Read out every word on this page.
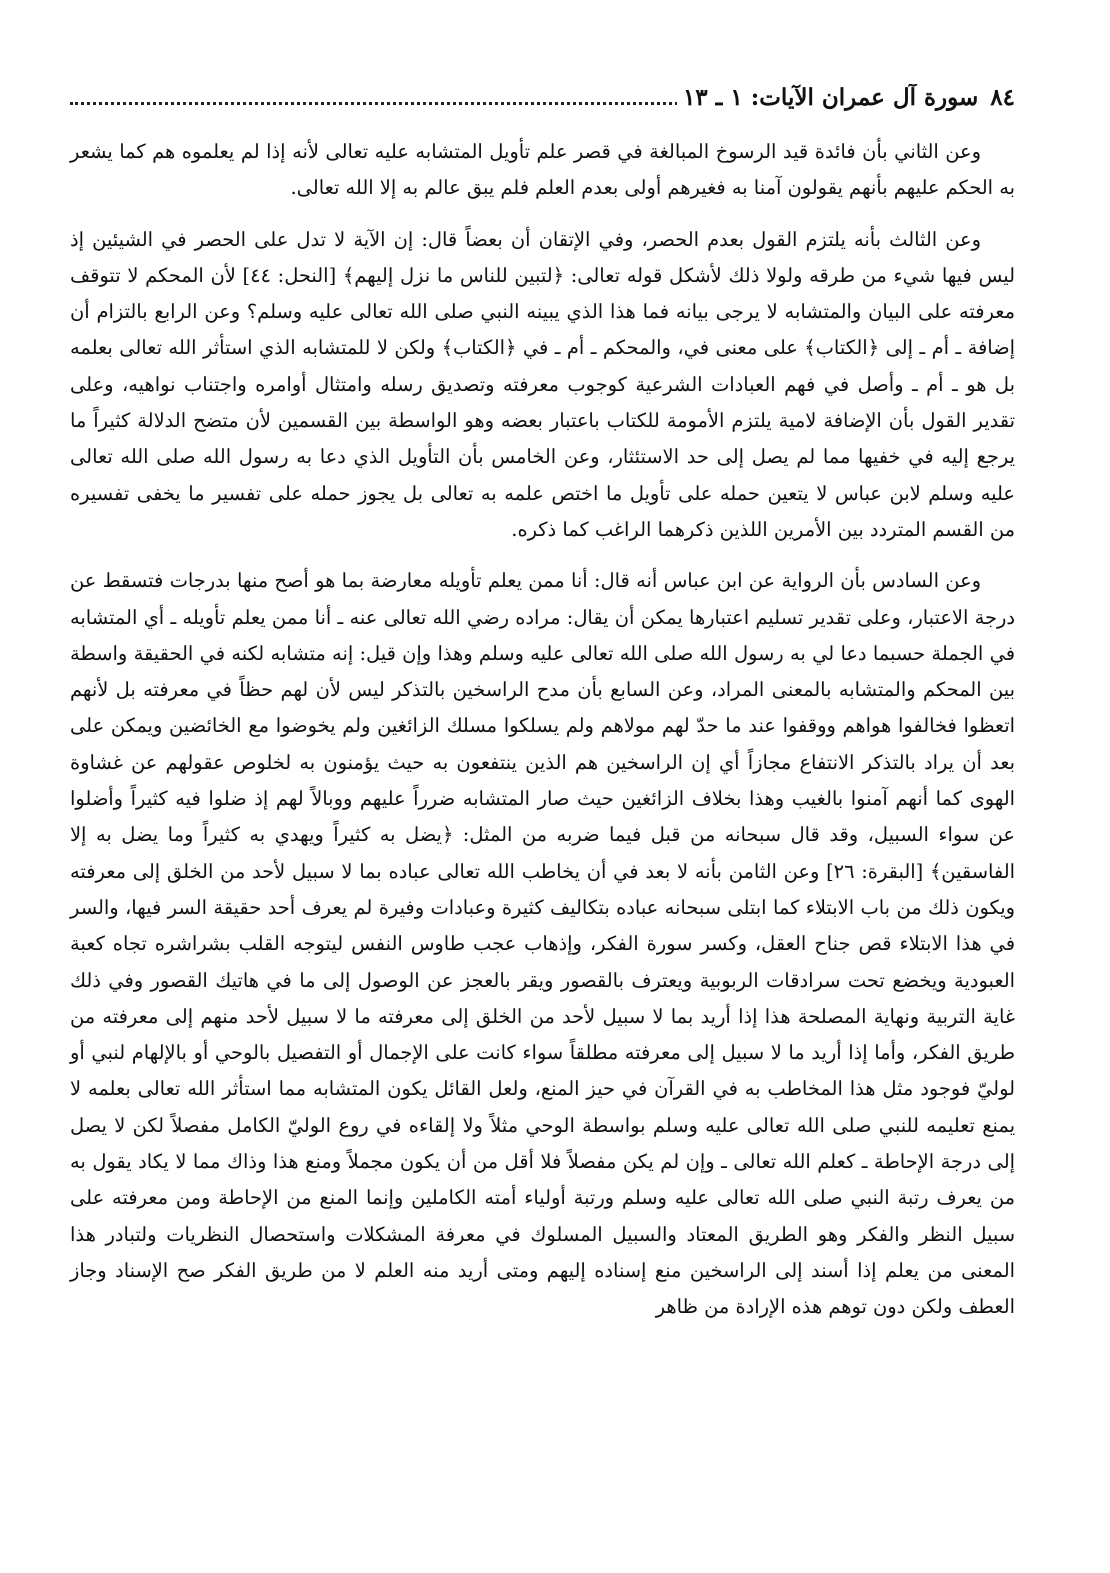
٨٤
سورة آل عمران الآيات: ١ ـ ١٣

وعن الثاني بأن فائدة قيد الرسوخ المبالغة في قصر علم تأويل المتشابه عليه تعالى لأنه إذا لم يعلموه هم كما يشعر به الحكم عليهم بأنهم يقولون آمنا به فغيرهم أولى بعدم العلم فلم يبق عالم به إلا الله تعالى.

وعن الثالث بأنه يلتزم القول بعدم الحصر، وفي الإتقان أن بعضاً قال: إن الآية لا تدل على الحصر في الشيئين إذ ليس فيها شيء من طرقه ولولا ذلك لأشكل قوله تعالى: ﴿لتبين للناس ما نزل إليهم﴾ [النحل: ٤٤] لأن المحكم لا تتوقف معرفته على البيان والمتشابه لا يرجى بيانه فما هذا الذي يبينه النبي صلى الله تعالى عليه وسلم؟ وعن الرابع بالتزام أن إضافة ـ أم ـ إلى ﴿الكتاب﴾ على معنى في، والمحكم ـ أم ـ في ﴿الكتاب﴾ ولكن لا للمتشابه الذي استأثر الله تعالى بعلمه بل هو ـ أم ـ وأصل في فهم العبادات الشرعية كوجوب معرفته وتصديق رسله وامتثال أوامره واجتناب نواهيه، وعلى تقدير القول بأن الإضافة لامية يلتزم الأمومة للكتاب باعتبار بعضه وهو الواسطة بين القسمين لأن متضح الدلالة كثيراً ما يرجع إليه في خفيها مما لم يصل إلى حد الاستئثار، وعن الخامس بأن التأويل الذي دعا به رسول الله صلى الله تعالى عليه وسلم لابن عباس لا يتعين حمله على تأويل ما اختص علمه به تعالى بل يجوز حمله على تفسير ما يخفى تفسيره من القسم المتردد بين الأمرين اللذين ذكرهما الراغب كما ذكره.

وعن السادس بأن الرواية عن ابن عباس أنه قال: أنا ممن يعلم تأويله معارضة بما هو أصح منها بدرجات فتسقط عن درجة الاعتبار، وعلى تقدير تسليم اعتبارها يمكن أن يقال: مراده رضي الله تعالى عنه ـ أنا ممن يعلم تأويله ـ أي المتشابه في الجملة حسبما دعا لي به رسول الله صلى الله تعالى عليه وسلم وهذا وإن قيل: إنه متشابه لكنه في الحقيقة واسطة بين المحكم والمتشابه بالمعنى المراد، وعن السابع بأن مدح الراسخين بالتذكر ليس لأن لهم حظاً في معرفته بل لأنهم اتعظوا فخالفوا هواهم ووقفوا عند ما حدّ لهم مولاهم ولم يسلكوا مسلك الزائغين ولم يخوضوا مع الخائضين ويمكن على بعد أن يراد بالتذكر الانتفاع مجازاً أي إن الراسخين هم الذين ينتفعون به حيث يؤمنون به لخلوص عقولهم عن غشاوة الهوى كما أنهم آمنوا بالغيب وهذا بخلاف الزائغين حيث صار المتشابه ضرراً عليهم ووبالاً لهم إذ ضلوا فيه كثيراً وأضلوا عن سواء السبيل، وقد قال سبحانه من قبل فيما ضربه من المثل: ﴿يضل به كثيراً ويهدي به كثيراً وما يضل به إلا الفاسقين﴾ [البقرة: ٢٦] وعن الثامن بأنه لا بعد في أن يخاطب الله تعالى عباده بما لا سبيل لأحد من الخلق إلى معرفته ويكون ذلك من باب الابتلاء كما ابتلى سبحانه عباده بتكاليف كثيرة وعبادات وفيرة لم يعرف أحد حقيقة السر فيها، والسر في هذا الابتلاء قص جناح العقل، وكسر سورة الفكر، وإذهاب عجب طاوس النفس ليتوجه القلب بشراشره تجاه كعبة العبودية ويخضع تحت سرادقات الربوبية ويعترف بالقصور ويقر بالعجز عن الوصول إلى ما في هاتيك القصور وفي ذلك غاية التربية ونهاية المصلحة هذا إذا أريد بما لا سبيل لأحد من الخلق إلى معرفته ما لا سبيل لأحد منهم إلى معرفته من طريق الفكر، وأما إذا أريد ما لا سبيل إلى معرفته مطلقاً سواء كانت على الإجمال أو التفصيل بالوحي أو بالإلهام لنبي أو لوليّ فوجود مثل هذا المخاطب به في القرآن في حيز المنع، ولعل القائل يكون المتشابه مما استأثر الله تعالى بعلمه لا يمنع تعليمه للنبي صلى الله تعالى عليه وسلم بواسطة الوحي مثلاً ولا إلقاءه في روع الوليّ الكامل مفصلاً لكن لا يصل إلى درجة الإحاطة ـ كعلم الله تعالى ـ وإن لم يكن مفصلاً فلا أقل من أن يكون مجملاً ومنع هذا وذاك مما لا يكاد يقول به من يعرف رتبة النبي صلى الله تعالى عليه وسلم ورتبة أولياء أمته الكاملين وإنما المنع من الإحاطة ومن معرفته على سبيل النظر والفكر وهو الطريق المعتاد والسبيل المسلوك في معرفة المشكلات واستحصال النظريات ولتبادر هذا المعنى من يعلم إذا أسند إلى الراسخين منع إسناده إليهم ومتى أريد منه العلم لا من طريق الفكر صح الإسناد وجاز العطف ولكن دون توهم هذه الإرادة من ظاهر
